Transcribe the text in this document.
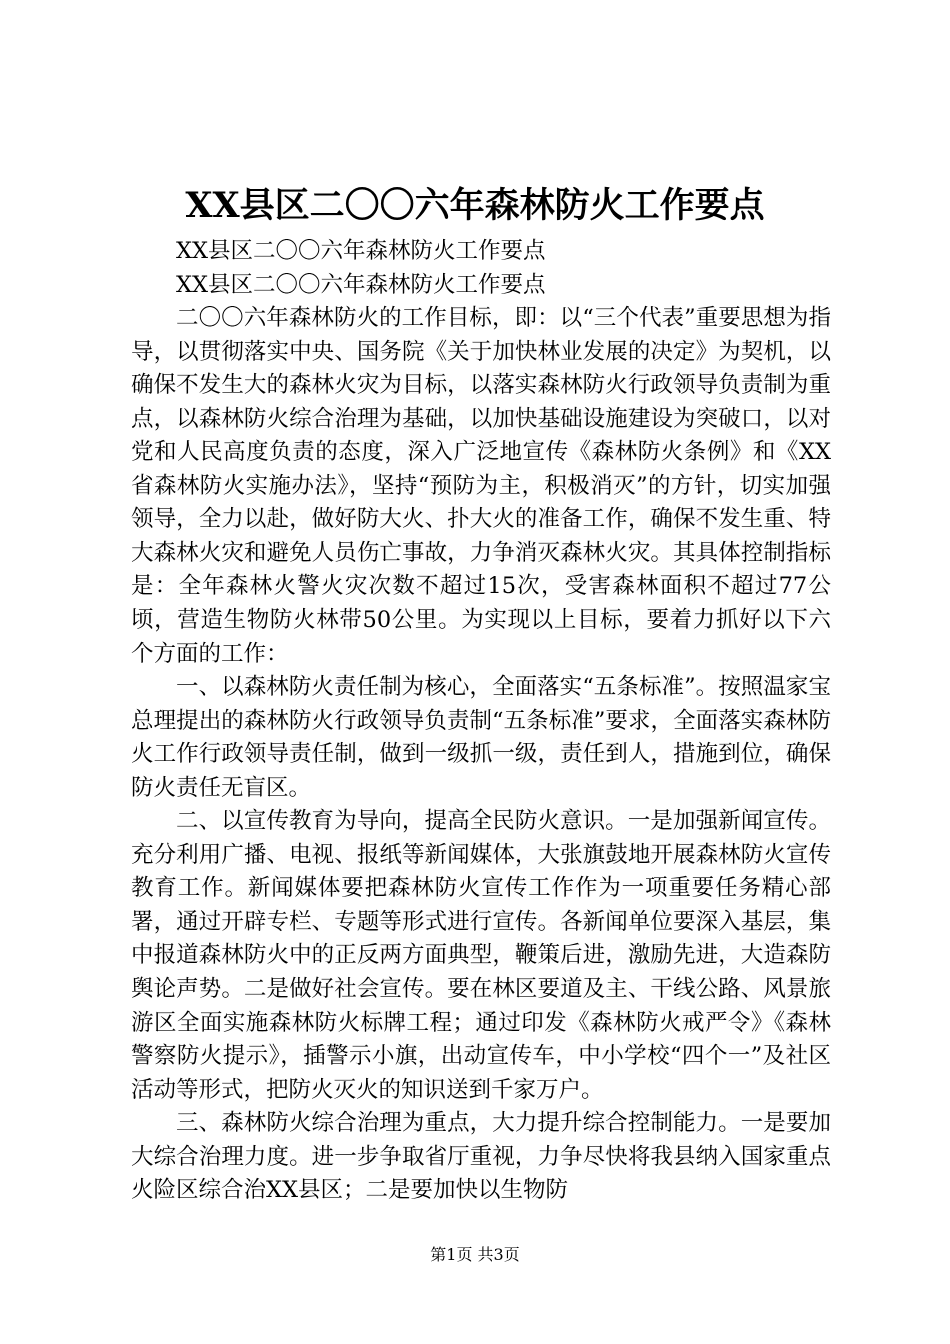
XX县区二〇〇六年森林防火工作要点

XX县区二〇〇六年森林防火工作要点

XX县区二〇〇六年森林防火工作要点

二〇〇六年森林防火的工作目标，即：以“三个代表”重要思想为指导，以贯彻落实中央、国务院《关于加快林业发展的决定》为契机，以确保不发生大的森林火灾为目标，以落实森林防火行政领导负责制为重点，以森林防火综合治理为基础，以加快基础设施建设为突破口，以对党和人民高度负责的态度，深入广泛地宣传《森林防火条例》和《XX省森林防火实施办法》，坚持“预防为主，积极消灭”的方针，切实加强领导，全力以赴，做好防大火、扑大火的准备工作，确保不发生重、特大森林火灾和避免人员伤亡事故，力争消灭森林火灾。其具体控制指标是：全年森林火警火灾次数不超过15次，受害森林面积不超过77公顷，营造生物防火林带50公里。为实现以上目标，要着力抓好以下六个方面的工作：

一、以森林防火责任制为核心，全面落实“五条标准”。按照温家宝总理提出的森林防火行政领导负责制“五条标准”要求，全面落实森林防火工作行政领导责任制，做到一级抓一级，责任到人，措施到位，确保防火责任无盲区。

二、以宣传教育为导向，提高全民防火意识。一是加强新闻宣传。充分利用广播、电视、报纸等新闻媒体，大张旗鼓地开展森林防火宣传教育工作。新闻媒体要把森林防火宣传工作作为一项重要任务精心部署，通过开辟专栏、专题等形式进行宣传。各新闻单位要深入基层，集中报道森林防火中的正反两方面典型，鞭策后进，激励先进，大造森防舆论声势。二是做好社会宣传。要在林区要道及主、干线公路、风景旅游区全面实施森林防火标牌工程；通过印发《森林防火戒严令》《森林警察防火提示》，插警示小旗，出动宣传车，中小学校“四个一”及社区活动等形式，把防火灭火的知识送到千家万户。

三、森林防火综合治理为重点，大力提升综合控制能力。一是要加大综合治理力度。进一步争取省厅重视，力争尽快将我县纳入国家重点火险区综合治XX县区；二是要加快以生物防

第1页 共3页
